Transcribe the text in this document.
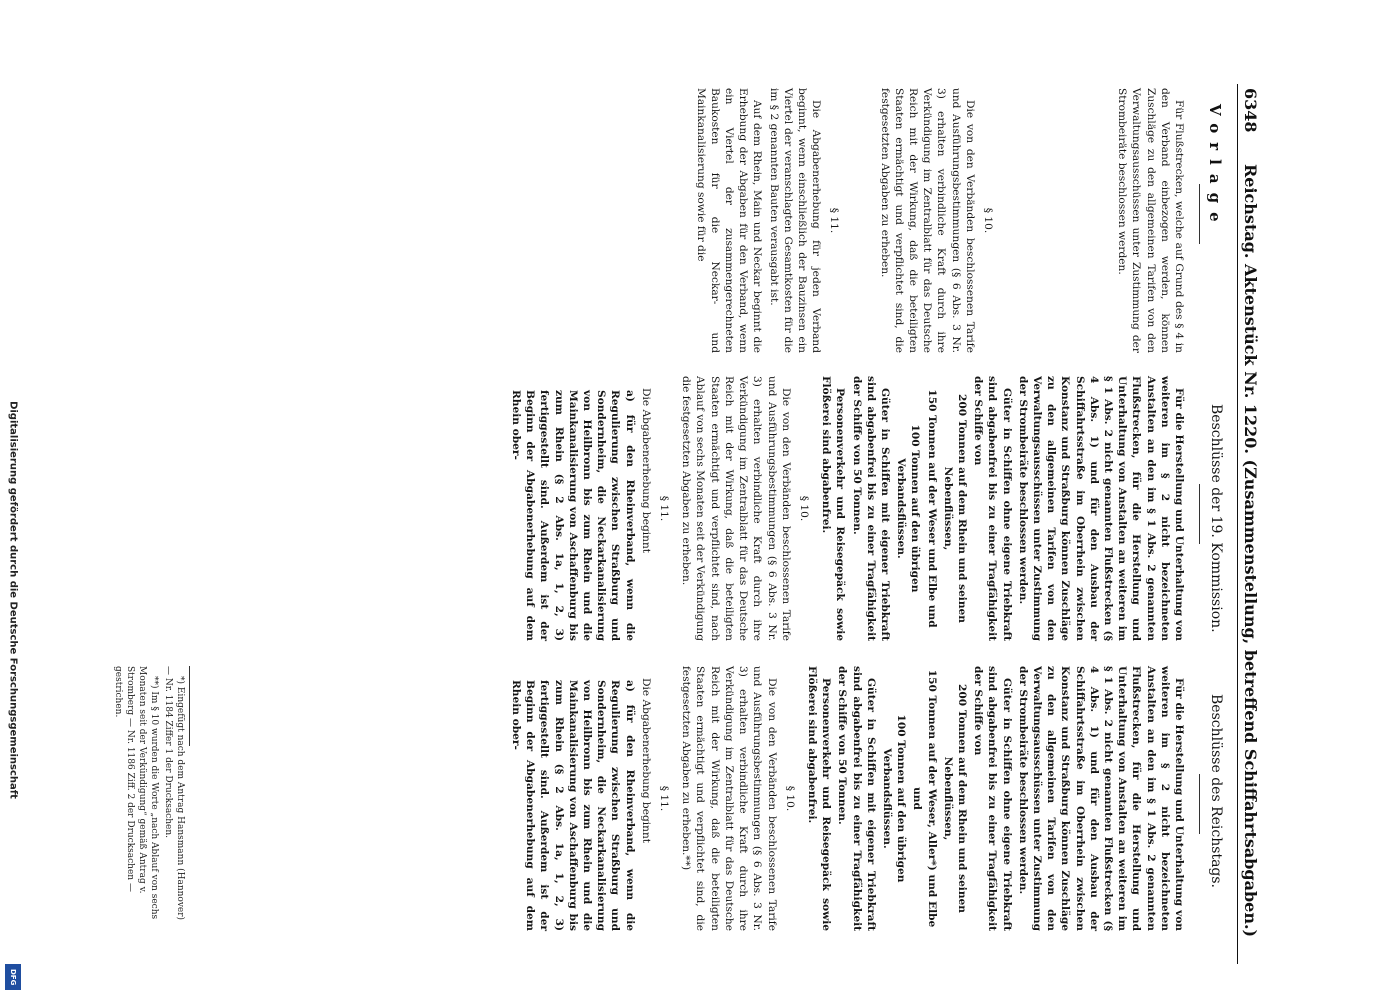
Digitalisierung gefördert durch die Deutsche Forschungsgemeinschaft
DFG
6348
Reichstag. Aktenstück Nr. 1220. (Zusammenstellung, betreffend Schiffahrtsabgaben.)
Vorlage
Beschlüsse der 19. Kommission.
Beschlüsse des Reichstags.

Für Flußstrecken, welche auf Grund des § 4 in den Verband einbezogen werden, können Zuschläge zu den allgemeinen Tarifen von den Verwaltungsausschüssen unter Zustimmung der Strombeiräte beschlossen werden.

§ 10.

Die von den Verbänden beschlossenen Tarife und Ausführungsbestimmungen (§ 6 Abs. 3 Nr. 3) erhalten verbindliche Kraft durch ihre Verkündigung im Zentralblatt für das Deutsche Reich mit der Wirkung, daß die beteiligten Staaten ermächtigt und verpflichtet sind, die festgesetzten Abgaben zu erheben.

§ 11.

Die Abgabenerhebung für jeden Verband beginnt, wenn einschließlich der Bauzinsen ein Viertel der veranschlagten Gesamtkosten für die im § 2 genannten Bauten verausgabt ist.

Auf dem Rhein, Main und Neckar beginnt die Erhebung der Abgaben für den Verband, wenn ein Viertel der zusammengerechneten Baukosten für die Neckar- und Mainkanalisierung sowie für die

Für die Herstellung und Unterhaltung von weiteren im § 2 nicht bezeichneten Anstalten an den im § 1 Abs. 2 genannten Flußstrecken, für die Herstellung und Unterhaltung von Anstalten an weiteren im § 1 Abs. 2 nicht genannten Flußstrecken (§ 4 Abs. 1) und für den Ausbau der Schiffahrtsstraße im Oberrhein zwischen Konstanz und Straßburg können Zuschläge zu den allgemeinen Tarifen von den Verwaltungsausschüssen unter Zustimmung der Strombeiräte beschlossen werden.

Güter in Schiffen ohne eigene Triebkraft sind abgabenfrei bis zu einer Tragfähigkeit der Schiffe von

200 Tonnen auf dem Rhein und seinen Nebenflüssen,

150 Tonnen auf der Weser und Elbe und

100 Tonnen auf den übrigen Verbandsflüssen.

Güter in Schiffen mit eigener Triebkraft sind abgabenfrei bis zu einer Tragfähigkeit der Schiffe von 50 Tonnen.

Personenverkehr und Reisegepäck sowie Flößerei sind abgabenfrei.

§ 10.

Die von den Verbänden beschlossenen Tarife und Ausführungsbestimmungen (§ 6 Abs. 3 Nr. 3) erhalten verbindliche Kraft durch ihre Verkündigung im Zentralblatt für das Deutsche Reich mit der Wirkung, daß die beteiligten Staaten ermächtigt und verpflichtet sind, nach Ablauf von sechs Monaten seit der Verkündigung die festgesetzten Abgaben zu erheben.

§ 11.

Die Abgabenerhebung beginnt

a) für den Rheinverband, wenn die Regulierung zwischen Straßburg und Sondernheim, die Neckarkanalisierung von Heilbronn bis zum Rhein und die Mainkanalisierung von Aschaffenburg bis zum Rhein (§ 2 Abs. 1a, 1, 2, 3) fertiggestellt sind. Außerdem ist der Beginn der Abgabenerhebung auf dem Rhein ober-

Für die Herstellung und Unterhaltung von weiteren im § 2 nicht bezeichneten Anstalten an den im § 1 Abs. 2 genannten Flußstrecken, für die Herstellung und Unterhaltung von Anstalten an weiteren im § 1 Abs. 2 nicht genannten Flußstrecken (§ 4 Abs. 1) und für den Ausbau der Schiffahrtsstraße im Oberrhein zwischen Konstanz und Straßburg können Zuschläge zu den allgemeinen Tarifen von den Verwaltungsausschüssen unter Zustimmung der Strombeiräte beschlossen werden.

Güter in Schiffen ohne eigene Triebkraft sind abgabenfrei bis zu einer Tragfähigkeit der Schiffe von

200 Tonnen auf dem Rhein und seinen Nebenflüssen,

150 Tonnen auf der Weser, Aller*) und Elbe und

100 Tonnen auf den übrigen Verbandsflüssen.

Güter in Schiffen mit eigener Triebkraft sind abgabenfrei bis zu einer Tragfähigkeit der Schiffe von 50 Tonnen.

Personenverkehr und Reisegepäck sowie Flößerei sind abgabenfrei.

§ 10.

Die von den Verbänden beschlossenen Tarife und Ausführungsbestimmungen (§ 6 Abs. 3 Nr. 3) erhalten verbindliche Kraft durch ihre Verkündigung im Zentralblatt für das Deutsche Reich mit der Wirkung, daß die beteiligten Staaten ermächtigt und verpflichtet sind, die festgesetzten Abgaben zu erheben.**)

§ 11.

Die Abgabenerhebung beginnt

a) für den Rheinverband, wenn die Regulierung zwischen Straßburg und Sondernheim, die Neckarkanalisierung von Heilbronn bis zum Rhein und die Mainkanalisierung von Aschaffenburg bis zum Rhein (§ 2 Abs. 1a, 1, 2, 3) fertiggestellt sind. Außerdem ist der Beginn der Abgabenerhebung auf dem Rhein ober-

*) Eingefügt nach dem Antrag Hansmann (Hannover) — Nr. 1184 Ziffer 1 der Drucksachen.

**) Im § 10 wurden die Worte „nach Ablauf von sechs Monaten seit der Verkündigung“ gemäß Antrag v. Stromberg — Nr. 1186 Ziff. 2 der Drucksachen — gestrichen.
